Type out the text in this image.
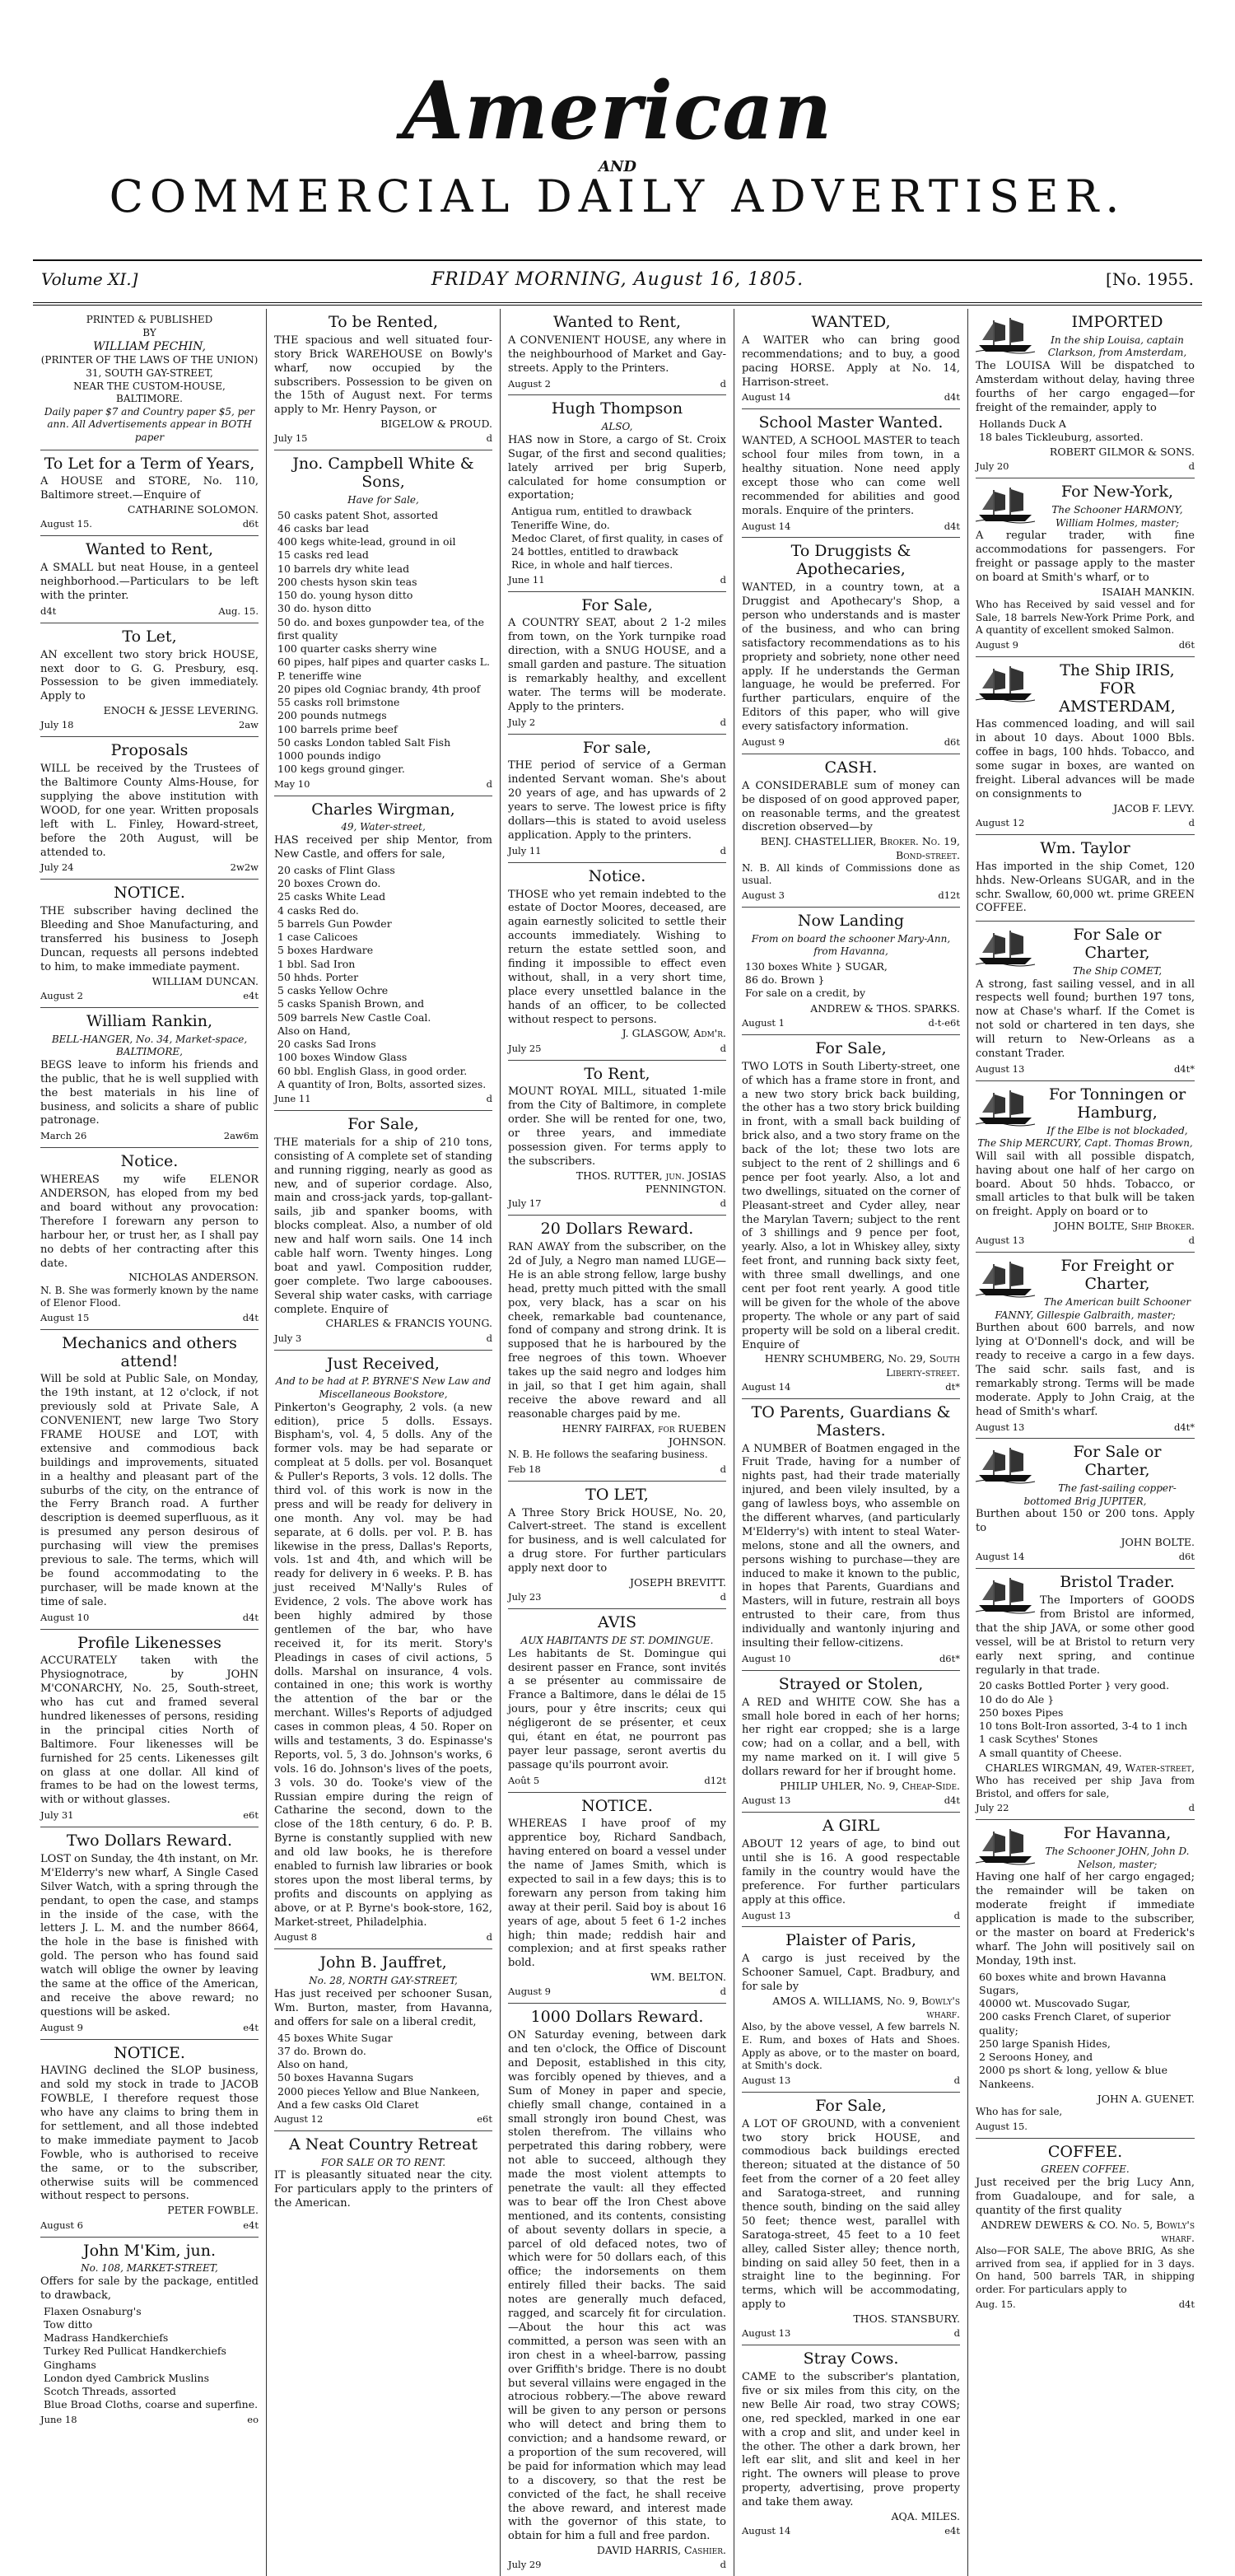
American
AND
COMMERCIAL DAILY ADVERTISER.
Volume XI.]	FRIDAY MORNING, August 16, 1805.	[No. 1955.
PRINTED & PUBLISHED
BY
WILLIAM PECHIN,
(PRINTER OF THE LAWS OF THE UNION)
31, SOUTH GAY-STREET,
NEAR THE CUSTOM-HOUSE, BALTIMORE.
Daily paper $7 and Country paper $5, per ann. All Advertisements appear in BOTH paper
To Let for a Term of Years,
A HOUSE and STORE, No. 110, Baltimore street.—Enquire of
CATHARINE SOLOMON.
August 15.	d6t
Wanted to Rent,
A SMALL but neat House, in a genteel neighborhood.—Particulars to be left with the printer.
d4t	Aug. 15.
To Let,
AN excellent two story brick HOUSE, next door to G. G. Presbury, esq. Possession to be given immediately. Apply to
ENOCH & JESSE LEVERING.
July 18	2aw
Proposals
WILL be received by the Trustees of the Baltimore County Alms-House, for supplying the above institution with WOOD, for one year. Written proposals left with L. Finley, Howard-street, before the 20th August, will be attended to.
July 24	2w2w
NOTICE.
THE subscriber having declined the Bleeding and Shoe Manufacturing, and transferred his business to Joseph Duncan, requests all persons indebted to him, to make immediate payment.
WILLIAM DUNCAN.
August 2	e4t
William Rankin,
BELL-HANGER, No. 34, Market-space,
BALTIMORE,
BEGS leave to inform his friends and the public, that he is well supplied with the best materials in his line of business, and solicits a share of public patronage.
March 26	2aw6m
Notice.
WHEREAS my wife ELENOR ANDERSON, has eloped from my bed and board without any provocation: Therefore I forewarn any person to harbour her, or trust her, as I shall pay no debts of her contracting after this date.
NICHOLAS ANDERSON.
N. B. She was formerly known by the name of Elenor Flood.
August 15	d4t
Mechanics and others attend!
Will be sold at Public Sale, on Monday, the 19th instant, at 12 o'clock, if not previously sold at Private Sale, A CONVENIENT, new large Two Story FRAME HOUSE and LOT, with extensive and commodious back buildings and improvements, situated in a healthy and pleasant part of the suburbs of the city, on the entrance of the Ferry Branch road. A further description is deemed superfluous, as it is presumed any person desirous of purchasing will view the premises previous to sale. The terms, which will be found accommodating to the purchaser, will be made known at the time of sale.
August 10	d4t
Profile Likenesses
ACCURATELY taken with the Physiognotrace, by JOHN M'CONARCHY, No. 25, South-street, who has cut and framed several hundred likenesses of persons, residing in the principal cities North of Baltimore. Four likenesses will be furnished for 25 cents. Likenesses gilt on glass at one dollar. All kind of frames to be had on the lowest terms, with or without glasses.
July 31	e6t
Two Dollars Reward.
LOST on Sunday, the 4th instant, on Mr. M'Elderry's new wharf, A Single Cased Silver Watch, with a spring through the pendant, to open the case, and stamps in the inside of the case, with the letters J. L. M. and the number 8664, the hole in the base is finished with gold. The person who has found said watch will oblige the owner by leaving the same at the office of the American, and receive the above reward; no questions will be asked.
August 9	e4t
NOTICE.
HAVING declined the SLOP business, and sold my stock in trade to JACOB FOWBLE, I therefore request those who have any claims to bring them in for settlement, and all those indebted to make immediate payment to Jacob Fowble, who is authorised to receive the same, or to the subscriber, otherwise suits will be commenced without respect to persons.
PETER FOWBLE.
August 6	e4t
John M'Kim, jun.
No. 108, MARKET-STREET,
Offers for sale by the package, entitled to drawback,
Flaxen Osnaburg's
Tow ditto
Madrass Handkerchiefs
Turkey Red Pullicat Handkerchiefs
Ginghams
London dyed Cambrick Muslins
Scotch Threads, assorted
Blue Broad Cloths, coarse and superfine.
June 18	eo
To be Rented,
THE spacious and well situated four-story Brick WAREHOUSE on Bowly's wharf, now occupied by the subscribers. Possession to be given on the 15th of August next. For terms apply to Mr. Henry Payson, or
BIGELOW & PROUD.
July 15	d
Jno. Campbell White & Sons,
Have for Sale,
50 casks patent Shot, assorted
46 casks bar lead
400 kegs white-lead, ground in oil
15 casks red lead
10 barrels dry white lead
200 chests hyson skin teas
150 do. young hyson ditto
30 do. hyson ditto
50 do. and boxes gunpowder tea, of the first quality
100 quarter casks sherry wine
60 pipes, half pipes and quarter casks L. P. teneriffe wine
20 pipes old Cogniac brandy, 4th proof
55 casks roll brimstone
200 pounds nutmegs
100 barrels prime beef
50 casks London tabled Salt Fish
1000 pounds indigo
100 kegs ground ginger.
May 10	d
Charles Wirgman,
49, Water-street,
HAS received per ship Mentor, from New Castle, and offers for sale,
20 casks of Flint Glass
20 boxes Crown do.
25 casks White Lead
4 casks Red do.
5 barrels Gun Powder
1 case Calicoes
5 boxes Hardware
1 bbl. Sad Iron
50 hhds. Porter
5 casks Yellow Ochre
5 casks Spanish Brown, and
509 barrels New Castle Coal.
Also on Hand,
20 casks Sad Irons
100 boxes Window Glass
60 bbl. English Glass, in good order.
A quantity of Iron, Bolts, assorted sizes.
June 11	d
For Sale,
THE materials for a ship of 210 tons, consisting of A complete set of standing and running rigging, nearly as good as new, and of superior cordage. Also, main and cross-jack yards, top-gallant-sails, jib and spanker booms, with blocks compleat. Also, a number of old new and half worn sails. One 14 inch cable half worn. Twenty hinges. Long boat and yawl. Composition rudder, goer complete. Two large caboouses. Several ship water casks, with carriage complete. Enquire of
CHARLES & FRANCIS YOUNG.
July 3	d
Just Received,
And to be had at P. BYRNE'S New Law and Miscellaneous Bookstore,
Pinkerton's Geography, 2 vols. (a new edition), price 5 dolls. Essays. Bispham's, vol. 4, 5 dolls. Any of the former vols. may be had separate or compleat at 5 dolls. per vol. Bosanquet & Puller's Reports, 3 vols. 12 dolls. The third vol. of this work is now in the press and will be ready for delivery in one month. Any vol. may be had separate, at 6 dolls. per vol. P. B. has likewise in the press, Dallas's Reports, vols. 1st and 4th, and which will be ready for delivery in 6 weeks. P. B. has just received M'Nally's Rules of Evidence, 2 vols. The above work has been highly admired by those gentlemen of the bar, who have received it, for its merit. Story's Pleadings in cases of civil actions, 5 dolls. Marshal on insurance, 4 vols. contained in one; this work is worthy the attention of the bar or the merchant. Willes's Reports of adjudged cases in common pleas, 4 50. Roper on wills and testaments, 3 do. Espinasse's Reports, vol. 5, 3 do. Johnson's works, 6 vols. 16 do. Johnson's lives of the poets, 3 vols. 30 do. Tooke's view of the Russian empire during the reign of Catharine the second, down to the close of the 18th century, 6 do. P. B. Byrne is constantly supplied with new and old law books, he is therefore enabled to furnish law libraries or book stores upon the most liberal terms, by profits and discounts on applying as above, or at P. Byrne's book-store, 162, Market-street, Philadelphia.
August 8	d
John B. Jauffret,
No. 28, NORTH GAY-STREET,
Has just received per schooner Susan, Wm. Burton, master, from Havanna, and offers for sale on a liberal credit,
45 boxes White Sugar
37 do. Brown do.
Also on hand,
50 boxes Havanna Sugars
2000 pieces Yellow and Blue Nankeen,
And a few casks Old Claret
August 12	e6t
A Neat Country Retreat
FOR SALE OR TO RENT.
IT is pleasantly situated near the city. For particulars apply to the printers of the American.
Wanted to Rent,
A CONVENIENT HOUSE, any where in the neighbourhood of Market and Gay-streets. Apply to the Printers.
August 2	d
Hugh Thompson
ALSO,
HAS now in Store, a cargo of St. Croix Sugar, of the first and second qualities; lately arrived per brig Superb, calculated for home consumption or exportation;
Antigua rum, entitled to drawback
Teneriffe Wine, do.
Medoc Claret, of first quality, in cases of 24 bottles, entitled to drawback
Rice, in whole and half tierces.
June 11	d
For Sale,
A COUNTRY SEAT, about 2 1-2 miles from town, on the York turnpike road direction, with a SNUG HOUSE, and a small garden and pasture. The situation is remarkably healthy, and excellent water. The terms will be moderate. Apply to the printers.
July 2	d
For sale,
THE period of service of a German indented Servant woman. She's about 20 years of age, and has upwards of 2 years to serve. The lowest price is fifty dollars—this is stated to avoid useless application. Apply to the printers.
July 11	d
Notice.
THOSE who yet remain indebted to the estate of Doctor Moores, deceased, are again earnestly solicited to settle their accounts immediately. Wishing to return the estate settled soon, and finding it impossible to effect even without, shall, in a very short time, place every unsettled balance in the hands of an officer, to be collected without respect to persons.
J. GLASGOW, Adm'r.
July 25	d
To Rent,
MOUNT ROYAL MILL, situated 1-mile from the City of Baltimore, in complete order. She will be rented for one, two, or three years, and immediate possession given. For terms apply to the subscribers.
THOS. RUTTER, jun. JOSIAS PENNINGTON.
July 17	d
20 Dollars Reward.
RAN AWAY from the subscriber, on the 2d of July, a Negro man named LUGE—He is an able strong fellow, large bushy head, pretty much pitted with the small pox, very black, has a scar on his cheek, remarkable bad countenance, fond of company and strong drink. It is supposed that he is harboured by the free negroes of this town. Whoever takes up the said negro and lodges him in jail, so that I get him again, shall receive the above reward and all reasonable charges paid by me.
HENRY FAIRFAX, for RUEBEN JOHNSON.
N. B. He follows the seafaring business.
Feb 18	d
TO LET,
A Three Story Brick HOUSE, No. 20, Calvert-street. The stand is excellent for business, and is well calculated for a drug store. For further particulars apply next door to
JOSEPH BREVITT.
July 23	d
AVIS
AUX HABITANTS DE ST. DOMINGUE.
Les habitants de St. Domingue qui desirent passer en France, sont invités a se présenter au commissaire de France a Baltimore, dans le délai de 15 jours, pour y être inscrits; ceux qui négligeront de se présenter, et ceux qui, étant en état, ne pourront pas payer leur passage, seront avertis du passage qu'ils pourront avoir.
Août 5	d12t
NOTICE.
WHEREAS I have proof of my apprentice boy, Richard Sandbach, having entered on board a vessel under the name of James Smith, which is expected to sail in a few days; this is to forewarn any person from taking him away at their peril. Said boy is about 16 years of age, about 5 feet 6 1-2 inches high; thin made; reddish hair and complexion; and at first speaks rather bold.
WM. BELTON.
August 9	d
1000 Dollars Reward.
ON Saturday evening, between dark and ten o'clock, the Office of Discount and Deposit, established in this city, was forcibly opened by thieves, and a Sum of Money in paper and specie, chiefly small change, contained in a small strongly iron bound Chest, was stolen therefrom. The villains who perpetrated this daring robbery, were not able to succeed, although they made the most violent attempts to penetrate the vault: all they effected was to bear off the Iron Chest above mentioned, and its contents, consisting of about seventy dollars in specie, a parcel of old defaced notes, two of which were for 50 dollars each, of this office; the indorsements on them entirely filled their backs. The said notes are generally much defaced, ragged, and scarcely fit for circulation.—About the hour this act was committed, a person was seen with an iron chest in a wheel-barrow, passing over Griffith's bridge. There is no doubt but several villains were engaged in the atrocious robbery.—The above reward will be given to any person or persons who will detect and bring them to conviction; and a handsome reward, or a proportion of the sum recovered, will be paid for information which may lead to a discovery, so that the rest be convicted of the fact, he shall receive the above reward, and interest made with the governor of this state, to obtain for him a full and free pardon.
DAVID HARRIS, Cashier.
July 29	d
WANTED,
A WAITER who can bring good recommendations; and to buy, a good pacing HORSE. Apply at No. 14, Harrison-street.
August 14	d4t
School Master Wanted.
WANTED, A SCHOOL MASTER to teach school four miles from town, in a healthy situation. None need apply except those who can come well recommended for abilities and good morals. Enquire of the printers.
August 14	d4t
To Druggists & Apothecaries,
WANTED, in a country town, at a Druggist and Apothecary's Shop, a person who understands and is master of the business, and who can bring satisfactory recommendations as to his propriety and sobriety, none other need apply. If he understands the German language, he would be preferred. For further particulars, enquire of the Editors of this paper, who will give every satisfactory information.
August 9	d6t
CASH.
A CONSIDERABLE sum of money can be disposed of on good approved paper, on reasonable terms, and the greatest discretion observed—by
BENJ. CHASTELLIER, Broker. No. 19, Bond-street.
N. B. All kinds of Commissions done as usual.
August 3	d12t
Now Landing
From on board the schooner Mary-Ann, from Havanna,
130 boxes White } SUGAR,
86 do. Brown }
For sale on a credit, by
ANDREW & THOS. SPARKS.
August 1	d-t-e6t
For Sale,
TWO LOTS in South Liberty-street, one of which has a frame store in front, and a new two story brick back building, the other has a two story brick building in front, with a small back building of brick also, and a two story frame on the back of the lot; these two lots are subject to the rent of 2 shillings and 6 pence per foot yearly. Also, a lot and two dwellings, situated on the corner of Pleasant-street and Cyder alley, near the Marylan Tavern; subject to the rent of 3 shillings and 9 pence per foot, yearly. Also, a lot in Whiskey alley, sixty feet front, and running back sixty feet, with three small dwellings, and one cent per foot rent yearly. A good title will be given for the whole of the above property. The whole or any part of said property will be sold on a liberal credit. Enquire of
HENRY SCHUMBERG, No. 29, South Liberty-street.
August 14	dt*
TO Parents, Guardians & Masters.
A NUMBER of Boatmen engaged in the Fruit Trade, having for a number of nights past, had their trade materially injured, and been vilely insulted, by a gang of lawless boys, who assemble on the different wharves, (and particularly M'Elderry's) with intent to steal Water-melons, stone and all the owners, and persons wishing to purchase—they are induced to make it known to the public, in hopes that Parents, Guardians and Masters, will in future, restrain all boys entrusted to their care, from thus individually and wantonly injuring and insulting their fellow-citizens.
August 10	d6t*
Strayed or Stolen,
A RED and WHITE COW. She has a small hole bored in each of her horns; her right ear cropped; she is a large cow; had on a collar, and a bell, with my name marked on it. I will give 5 dollars reward for her if brought home.
PHILIP UHLER, No. 9, Cheap-Side.
August 13	d4t
A GIRL
ABOUT 12 years of age, to bind out until she is 16. A good respectable family in the country would have the preference. For further particulars apply at this office.
August 13	d
Plaister of Paris,
A cargo is just received by the Schooner Samuel, Capt. Bradbury, and for sale by
AMOS A. WILLIAMS, No. 9, Bowly's wharf.
Also, by the above vessel, A few barrels N. E. Rum, and boxes of Hats and Shoes. Apply as above, or to the master on board, at Smith's dock.
August 13	d
For Sale,
A LOT OF GROUND, with a convenient two story brick HOUSE, and commodious back buildings erected thereon; situated at the distance of 50 feet from the corner of a 20 feet alley and Saratoga-street, and running thence south, binding on the said alley 50 feet; thence west, parallel with Saratoga-street, 45 feet to a 10 feet alley, called Sister alley; thence north, binding on said alley 50 feet, then in a straight line to the beginning. For terms, which will be accommodating, apply to
THOS. STANSBURY.
August 13	d
Stray Cows.
CAME to the subscriber's plantation, five or six miles from this city, on the new Belle Air road, two stray COWS; one, red speckled, marked in one ear with a crop and slit, and under keel in the other. The other a dark brown, her left ear slit, and slit and keel in her right. The owners will please to prove property, advertising, prove property and take them away.
AQA. MILES.
August 14	e4t
IMPORTED
In the ship Louisa, captain Clarkson, from Amsterdam,
The LOUISA Will be dispatched to Amsterdam without delay, having three fourths of her cargo engaged—for freight of the remainder, apply to
Hollands Duck A
18 bales Tickleuburg, assorted.
ROBERT GILMOR & SONS.
July 20	d
For New-York,
The Schooner HARMONY, William Holmes, master;
A regular trader, with fine accommodations for passengers. For freight or passage apply to the master on board at Smith's wharf, or to
ISAIAH MANKIN.
Who has Received by said vessel and for Sale, 18 barrels New-York Prime Pork, and A quantity of excellent smoked Salmon.
August 9	d6t
The Ship IRIS, FOR AMSTERDAM,
Has commenced loading, and will sail in about 10 days. About 1000 Bbls. coffee in bags, 100 hhds. Tobacco, and some sugar in boxes, are wanted on freight. Liberal advances will be made on consignments to
JACOB F. LEVY.
August 12	d
Wm. Taylor
Has imported in the ship Comet, 120 hhds. New-Orleans SUGAR, and in the schr. Swallow, 60,000 wt. prime GREEN COFFEE.
For Sale or Charter,
The Ship COMET,
A strong, fast sailing vessel, and in all respects well found; burthen 197 tons, now at Chase's wharf. If the Comet is not sold or chartered in ten days, she will return to New-Orleans as a constant Trader.
August 13	d4t*
For Tonningen or Hamburg,
If the Elbe is not blockaded, The Ship MERCURY, Capt. Thomas Brown,
Will sail with all possible dispatch, having about one half of her cargo on board. About 50 hhds. Tobacco, or small articles to that bulk will be taken on freight. Apply on board or to
JOHN BOLTE, Ship Broker.
August 13	d
For Freight or Charter,
The American built Schooner FANNY, Gillespie Galbraith, master;
Burthen about 600 barrels, and now lying at O'Donnell's dock, and will be ready to receive a cargo in a few days. The said schr. sails fast, and is remarkably strong. Terms will be made moderate. Apply to John Craig, at the head of Smith's wharf.
August 13	d4t*
For Sale or Charter,
The fast-sailing copper-bottomed Brig JUPITER,
Burthen about 150 or 200 tons. Apply to
JOHN BOLTE.
August 14	d6t
Bristol Trader.
The Importers of GOODS from Bristol are informed, that the ship JAVA, or some other good vessel, will be at Bristol to return very early next spring, and continue regularly in that trade.
20 casks Bottled Porter } very good.
10 do do Ale }
250 boxes Pipes
10 tons Bolt-Iron assorted, 3-4 to 1 inch
1 cask Scythes' Stones
A small quantity of Cheese.
CHARLES WIRGMAN, 49, Water-street,
Who has received per ship Java from Bristol, and offers for sale,
July 22	d
For Havanna,
The Schooner JOHN, John D. Nelson, master;
Having one half of her cargo engaged; the remainder will be taken on moderate freight if immediate application is made to the subscriber, or the master on board at Frederick's wharf. The John will positively sail on Monday, 19th inst.
60 boxes white and brown Havanna Sugars,
40000 wt. Muscovado Sugar,
200 casks French Claret, of superior quality;
250 large Spanish Hides,
2 Seroons Honey, and
2000 ps short & long, yellow & blue Nankeens.
JOHN A. GUENET.
Who has for sale,
August 15.
COFFEE.
GREEN COFFEE.
Just received per the brig Lucy Ann, from Guadaloupe, and for sale, a quantity of the first quality
ANDREW DEWERS & CO. No. 5, Bowly's wharf.
Also—FOR SALE, The above BRIG, As she arrived from sea, if applied for in 3 days. On hand, 500 barrels TAR, in shipping order. For particulars apply to
Aug. 15.	d4t
